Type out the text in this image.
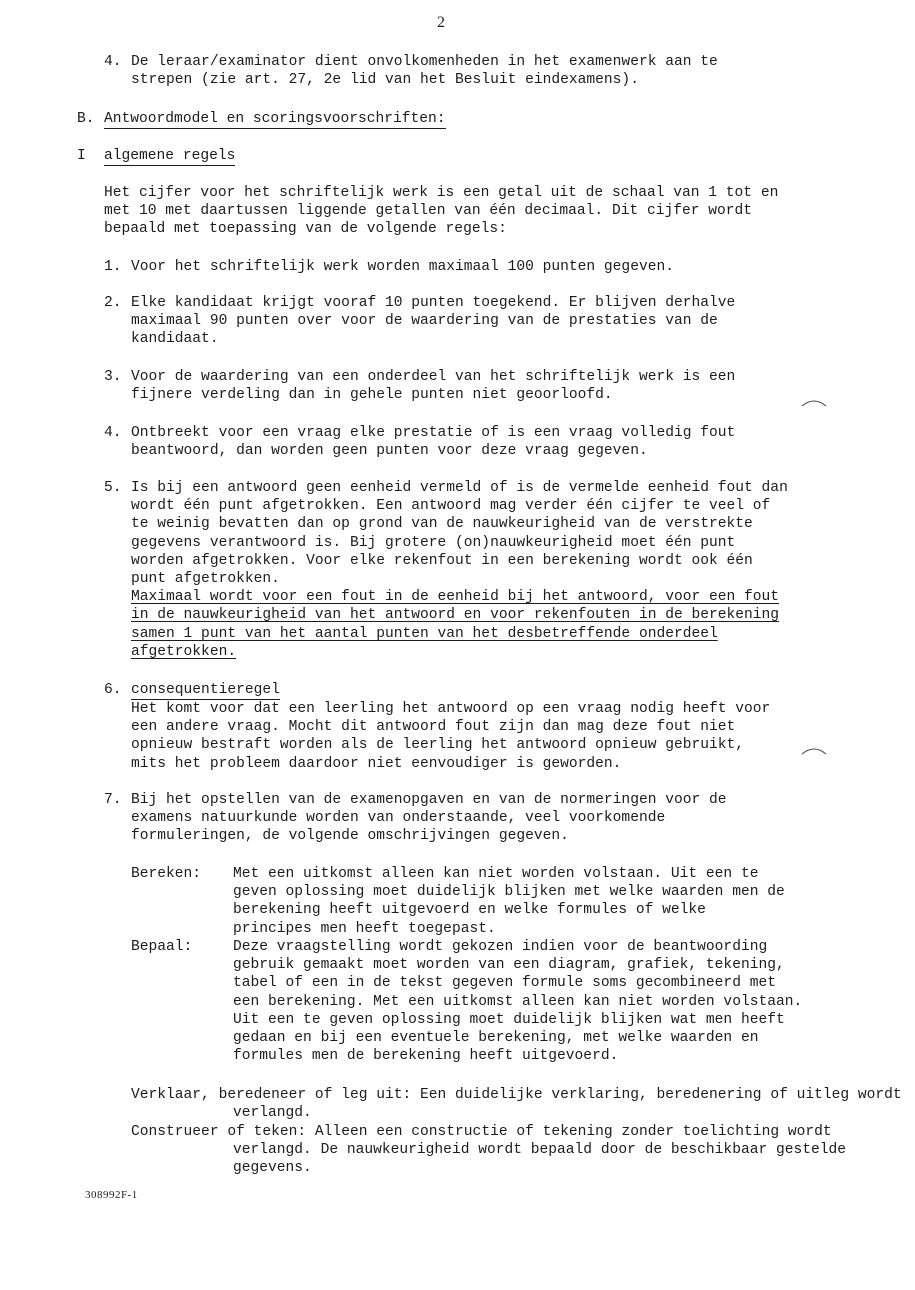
2
4. De leraar/examinator dient onvolkomenheden in het examenwerk aan te strepen (zie art. 27, 2e lid van het Besluit eindexamens).
B. Antwoordmodel en scoringsvoorschriften:
I algemene regels
Het cijfer voor het schriftelijk werk is een getal uit de schaal van 1 tot en met 10 met daartussen liggende getallen van één decimaal. Dit cijfer wordt bepaald met toepassing van de volgende regels:
1. Voor het schriftelijk werk worden maximaal 100 punten gegeven.
2. Elke kandidaat krijgt vooraf 10 punten toegekend. Er blijven derhalve maximaal 90 punten over voor de waardering van de prestaties van de kandidaat.
3. Voor de waardering van een onderdeel van het schriftelijk werk is een fijnere verdeling dan in gehele punten niet geoorloofd.
4. Ontbreekt voor een vraag elke prestatie of is een vraag volledig fout beantwoord, dan worden geen punten voor deze vraag gegeven.
5. Is bij een antwoord geen eenheid vermeld of is de vermelde eenheid fout dan wordt één punt afgetrokken. Een antwoord mag verder één cijfer te veel of te weinig bevatten dan op grond van de nauwkeurigheid van de verstrekte gegevens verantwoord is. Bij grotere (on)nauwkeurigheid moet één punt worden afgetrokken. Voor elke rekenfout in een berekening wordt ook één punt afgetrokken.
Maximaal wordt voor een fout in de eenheid bij het antwoord, voor een fout in de nauwkeurigheid van het antwoord en voor rekenfouten in de berekening samen 1 punt van het aantal punten van het desbetreffende onderdeel afgetrokken.
6. consequentieregel
Het komt voor dat een leerling het antwoord op een vraag nodig heeft voor een andere vraag. Mocht dit antwoord fout zijn dan mag deze fout niet opnieuw bestraft worden als de leerling het antwoord opnieuw gebruikt, mits het probleem daardoor niet eenvoudiger is geworden.
7. Bij het opstellen van de examenopgaven en van de normeringen voor de examens natuurkunde worden van onderstaande, veel voorkomende formuleringen, de volgende omschrijvingen gegeven.
Bereken: Met een uitkomst alleen kan niet worden volstaan. Uit een te geven oplossing moet duidelijk blijken met welke waarden men de berekening heeft uitgevoerd en welke formules of welke principes men heeft toegepast.
Bepaal:	Deze vraagstelling wordt gekozen indien voor de beantwoording gebruik gemaakt moet worden van een diagram, grafiek, tekening, tabel of een in de tekst gegeven formule soms gecombineerd met een berekening. Met een uitkomst alleen kan niet worden volstaan. Uit een te geven oplossing moet duidelijk blijken wat men heeft gedaan en bij een eventuele berekening, met welke waarden en formules men de berekening heeft uitgevoerd.
Verklaar, beredeneer of leg uit: Een duidelijke verklaring, beredenering of uitleg wordt verlangd.
Construeer of teken: Alleen een constructie of tekening zonder toelichting wordt verlangd. De nauwkeurigheid wordt bepaald door de beschikbaar gestelde gegevens.
308992F-1
